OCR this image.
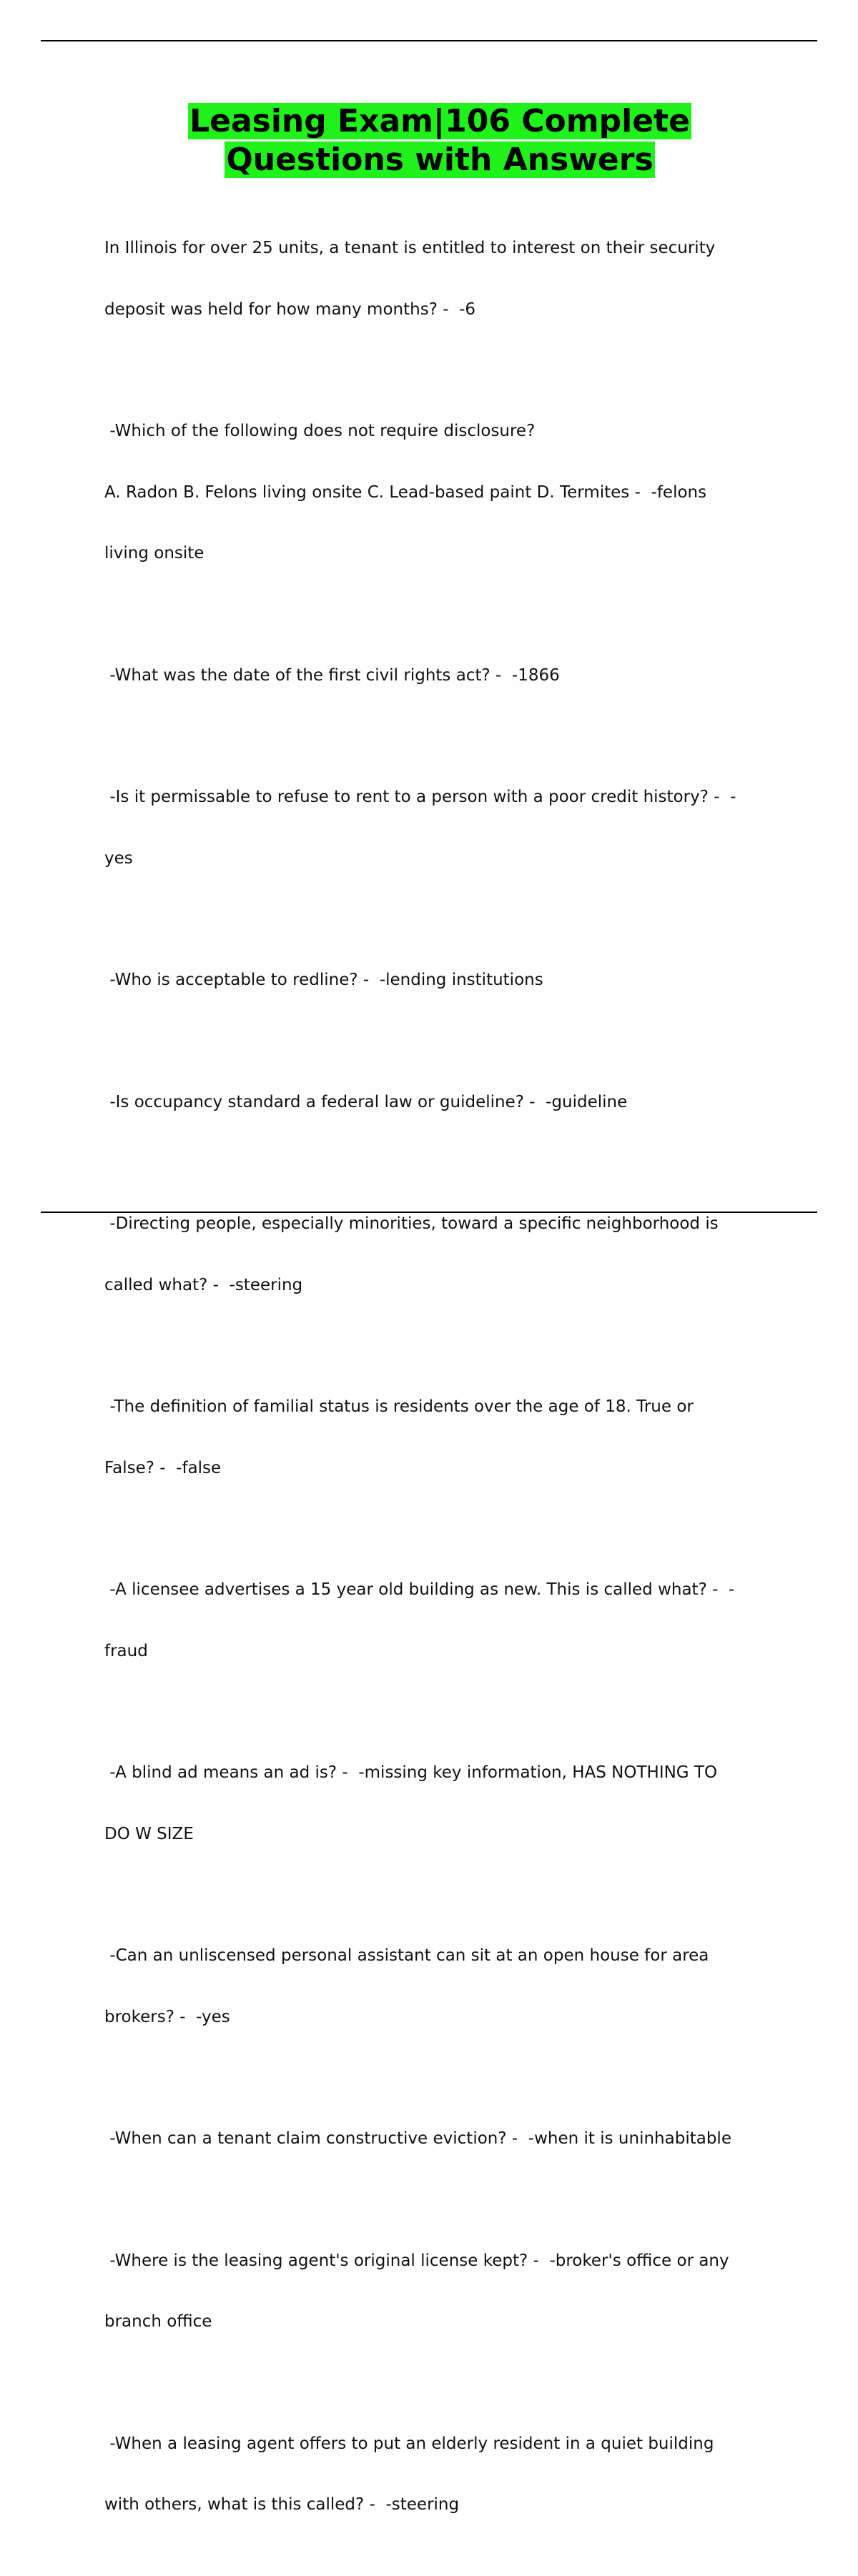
Leasing Exam|106 Complete
Questions with Answers

In Illinois for over 25 units, a tenant is entitled to interest on their security

deposit was held for how many months? -  -6

-Which of the following does not require disclosure?

A. Radon B. Felons living onsite C. Lead-based paint D. Termites -  -felons

living onsite

-What was the date of the first civil rights act? -  -1866

-Is it permissable to refuse to rent to a person with a poor credit history? -  -

yes

-Who is acceptable to redline? -  -lending institutions

-Is occupancy standard a federal law or guideline? -  -guideline

-Directing people, especially minorities, toward a specific neighborhood is

called what? -  -steering

-The definition of familial status is residents over the age of 18. True or

False? -  -false

-A licensee advertises a 15 year old building as new. This is called what? -  -

fraud

-A blind ad means an ad is? -  -missing key information, HAS NOTHING TO

DO W SIZE

-Can an unliscensed personal assistant can sit at an open house for area

brokers? -  -yes

-When can a tenant claim constructive eviction? -  -when it is uninhabitable

-Where is the leasing agent's original license kept? -  -broker's office or any

branch office

-When a leasing agent offers to put an elderly resident in a quiet building

with others, what is this called? -  -steering
